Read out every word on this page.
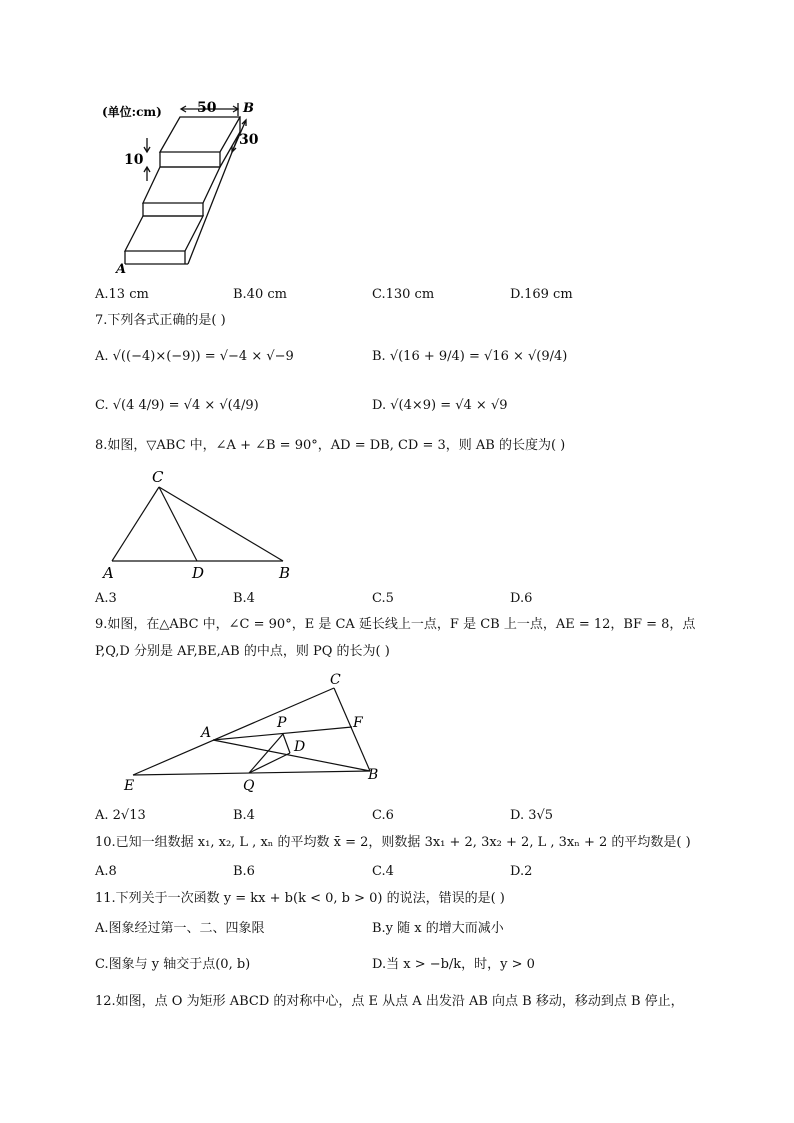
(单位:cm)	50 B
30
10
A
A.13 cm	B.40 cm	C.130 cm	D.169 cm
7.下列各式正确的是( )
A. √((−4)×(−9)) = √−4 × √−9	B. √(16 + 9/4) = √16 × √(9/4)
C. √(4 4/9) = √4 × √(4/9)	D. √(4×9) = √4 × √9
8.如图，▽ABC 中，∠A + ∠B = 90°，AD = DB, CD = 3，则 AB 的长度为( )
C
A	D	B
A.3	B.4	C.5	D.6
9.如图，在△ABC 中，∠C = 90°，E 是 CA 延长线上一点，F 是 CB 上一点，AE = 12，BF = 8，点
P,Q,D 分别是 AF,BE,AB 的中点，则 PQ 的长为( )
C
A
P	F
D
E	Q
B
A. 2√13	B.4	C.6	D. 3√5
10.已知一组数据 x₁, x₂, L , xₙ 的平均数 x̄ = 2，则数据 3x₁ + 2, 3x₂ + 2, L , 3xₙ + 2 的平均数是( )
A.8	B.6	C.4	D.2
11.下列关于一次函数 y = kx + b(k < 0, b > 0) 的说法，错误的是( )
A.图象经过第一、二、四象限	B.y 随 x 的增大而减小
C.图象与 y 轴交于点(0, b)	D.当 x > −b/k，时，y > 0
12.如图，点 O 为矩形 ABCD 的对称中心，点 E 从点 A 出发沿 AB 向点 B 移动，移动到点 B 停止，
